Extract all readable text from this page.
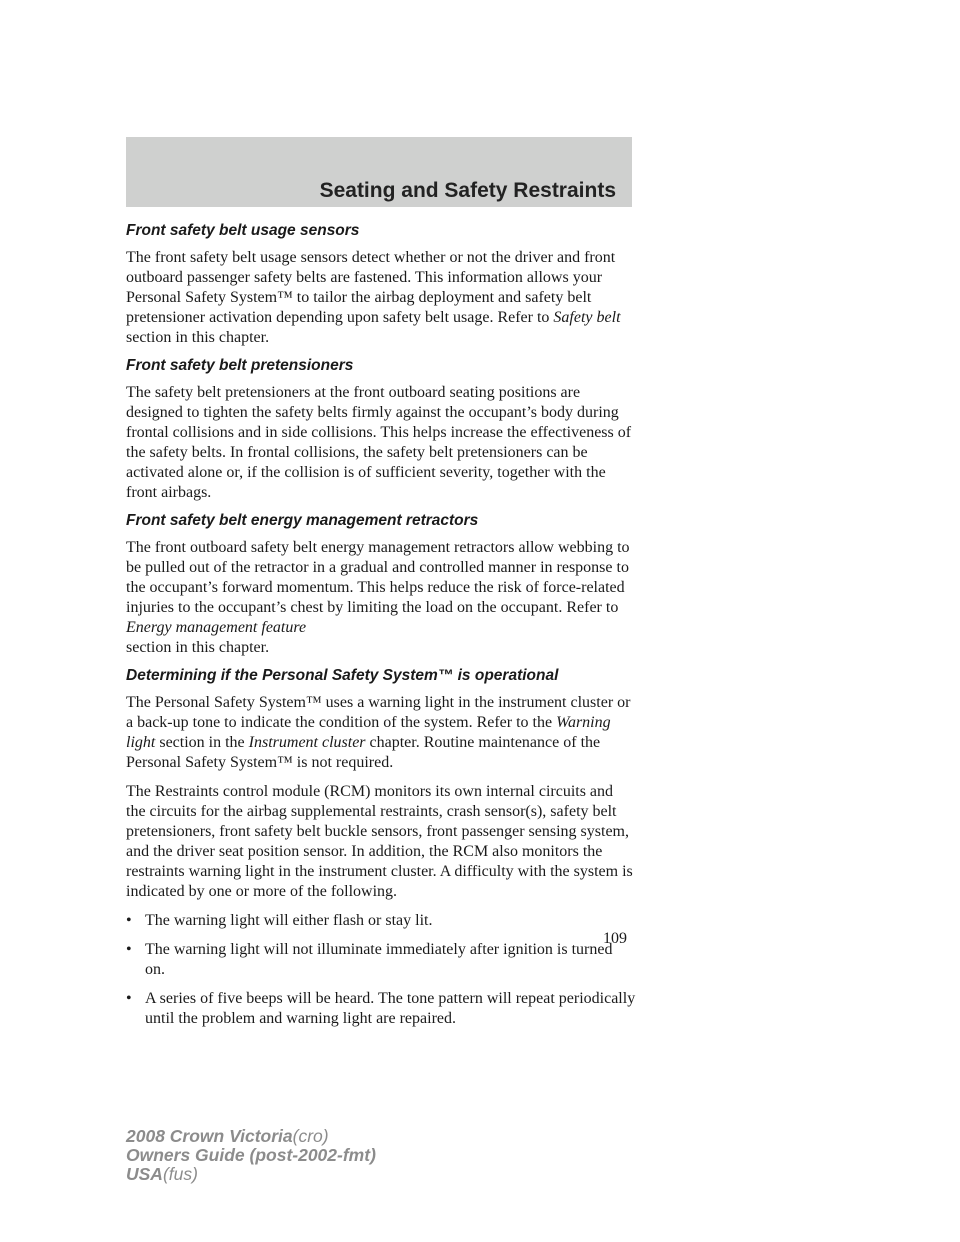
Seating and Safety Restraints
Front safety belt usage sensors

The front safety belt usage sensors detect whether or not the driver and front outboard passenger safety belts are fastened. This information allows your Personal Safety System™ to tailor the airbag deployment and safety belt pretensioner activation depending upon safety belt usage. Refer to Safety belt section in this chapter.

Front safety belt pretensioners

The safety belt pretensioners at the front outboard seating positions are designed to tighten the safety belts firmly against the occupant’s body during frontal collisions and in side collisions. This helps increase the effectiveness of the safety belts. In frontal collisions, the safety belt pretensioners can be activated alone or, if the collision is of sufficient severity, together with the front airbags.

Front safety belt energy management retractors

The front outboard safety belt energy management retractors allow webbing to be pulled out of the retractor in a gradual and controlled manner in response to the occupant’s forward momentum. This helps reduce the risk of force-related injuries to the occupant’s chest by limiting the load on the occupant. Refer to Energy management feature
section in this chapter.

Determining if the Personal Safety System™ is operational

The Personal Safety System™ uses a warning light in the instrument cluster or a back-up tone to indicate the condition of the system. Refer to the Warning light section in the Instrument cluster chapter. Routine maintenance of the Personal Safety System™ is not required.

The Restraints control module (RCM) monitors its own internal circuits and the circuits for the airbag supplemental restraints, crash sensor(s), safety belt pretensioners, front safety belt buckle sensors, front passenger sensing system, and the driver seat position sensor. In addition, the RCM also monitors the restraints warning light in the instrument cluster. A difficulty with the system is indicated by one or more of the following.

• The warning light will either flash or stay lit.
• The warning light will not illuminate immediately after ignition is turned on.
• A series of five beeps will be heard. The tone pattern will repeat periodically until the problem and warning light are repaired.
109
2008 Crown Victoria(cro)
Owners Guide (post-2002-fmt)
USA(fus)
